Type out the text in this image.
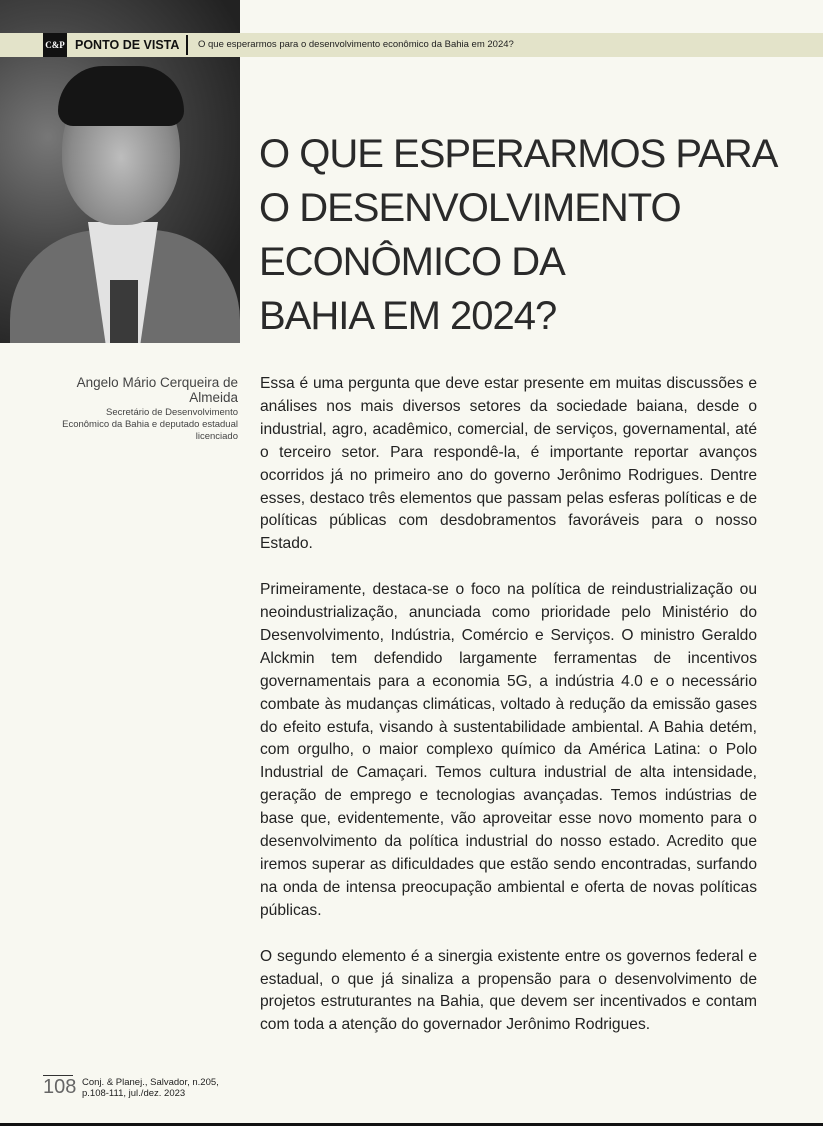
C&P PONTO DE VISTA O que esperarmos para o desenvolvimento econômico da Bahia em 2024?
O QUE ESPERARMOS PARA
O DESENVOLVIMENTO
ECONÔMICO DA
BAHIA EM 2024?
Angelo Mário Cerqueira de Almeida
Secretário de Desenvolvimento Econômico da Bahia e deputado estadual licenciado

Essa é uma pergunta que deve estar presente em muitas discussões e análises nos mais diversos setores da sociedade baiana, desde o industrial, agro, acadêmico, comercial, de serviços, governamental, até o terceiro setor. Para respondê-la, é importante reportar avanços ocorridos já no primeiro ano do governo Jerônimo Rodrigues. Dentre esses, destaco três elementos que passam pelas esferas políticas e de políticas públicas com desdobramentos favoráveis para o nosso Estado.

Primeiramente, destaca-se o foco na política de reindustrialização ou neoindustrialização, anunciada como prioridade pelo Ministério do Desenvolvimento, Indústria, Comércio e Serviços. O ministro Geraldo Alckmin tem defendido largamente ferramentas de incentivos governamentais para a economia 5G, a indústria 4.0 e o necessário combate às mudanças climáticas, voltado à redução da emissão gases do efeito estufa, visando à sustentabilidade ambiental. A Bahia detém, com orgulho, o maior complexo químico da América Latina: o Polo Industrial de Camaçari. Temos cultura industrial de alta intensidade, geração de emprego e tecnologias avançadas. Temos indústrias de base que, evidentemente, vão aproveitar esse novo momento para o desenvolvimento da política industrial do nosso estado. Acredito que iremos superar as dificuldades que estão sendo encontradas, surfando na onda de intensa preocupação ambiental e oferta de novas políticas públicas.

O segundo elemento é a sinergia existente entre os governos federal e estadual, o que já sinaliza a propensão para o desenvolvimento de projetos estruturantes na Bahia, que devem ser incentivados e contam com toda a atenção do governador Jerônimo Rodrigues.

108 Conj. & Planej., Salvador, n.205,
p.108-111, jul./dez. 2023
